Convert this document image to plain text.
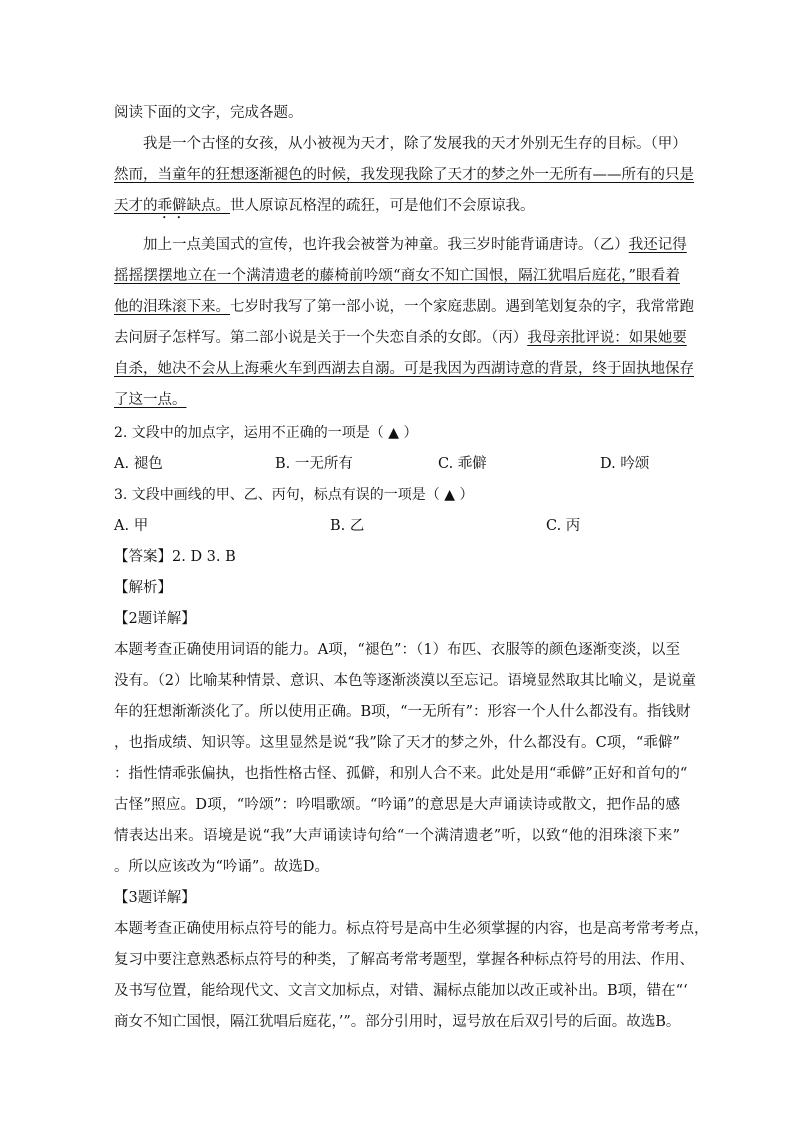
阅读下面的文字，完成各题。
我是一个古怪的女孩，从小被视为天才，除了发展我的天才外别无生存的目标。（甲）
然而，当童年的狂想逐渐褪色的时候，我发现我除了天才的梦之外一无所有——所有的只是
天才的乖僻缺点。世人原谅瓦格涅的疏狂，可是他们不会原谅我。
加上一点美国式的宣传，也许我会被誉为神童。我三岁时能背诵唐诗。（乙）我还记得
摇摇摆摆地立在一个满清遗老的藤椅前吟颂“商女不知亡国恨，隔江犹唱后庭花，”眼看着
他的泪珠滚下来。七岁时我写了第一部小说，一个家庭悲剧。遇到笔划复杂的字，我常常跑
去问厨子怎样写。第二部小说是关于一个失恋自杀的女郎。（丙）我母亲批评说：如果她要
自杀，她决不会从上海乘火车到西湖去自溺。可是我因为西湖诗意的背景，终于固执地保存
了这一点。
2. 文段中的加点字，运用不正确的一项是（ ▲ ）
A. 褪色	B. 一无所有	C. 乖僻	D. 吟颂
3. 文段中画线的甲、乙、丙句，标点有误的一项是（ ▲ ）
A. 甲	B. 乙	C. 丙
【答案】2. D 3. B
【解析】
【2题详解】
本题考查正确使用词语的能力。A项，“褪色”：（1）布匹、衣服等的颜色逐渐变淡，以至
没有。（2）比喻某种情景、意识、本色等逐渐淡漠以至忘记。语境显然取其比喻义，是说童
年的狂想渐渐淡化了。所以使用正确。B项，“一无所有”：形容一个人什么都没有。指钱财
，也指成绩、知识等。这里显然是说“我”除了天才的梦之外，什么都没有。C项，“乖僻”
：指性情乖张偏执，也指性格古怪、孤僻，和别人合不来。此处是用“乖僻”正好和首句的“
古怪”照应。D项，“吟颂”：吟唱歌颂。“吟诵”的意思是大声诵读诗或散文，把作品的感
情表达出来。语境是说“我”大声诵读诗句给“一个满清遗老”听，以致“他的泪珠滚下来”
。所以应该改为“吟诵”。故选D。
【3题详解】
本题考查正确使用标点符号的能力。标点符号是高中生必须掌握的内容，也是高考常考考点，
复习中要注意熟悉标点符号的种类，了解高考常考题型，掌握各种标点符号的用法、作用、
及书写位置，能给现代文、文言文加标点，对错、漏标点能加以改正或补出。B项，错在“‘
商女不知亡国恨，隔江犹唱后庭花，’”。部分引用时，逗号放在后双引号的后面。故选B。
